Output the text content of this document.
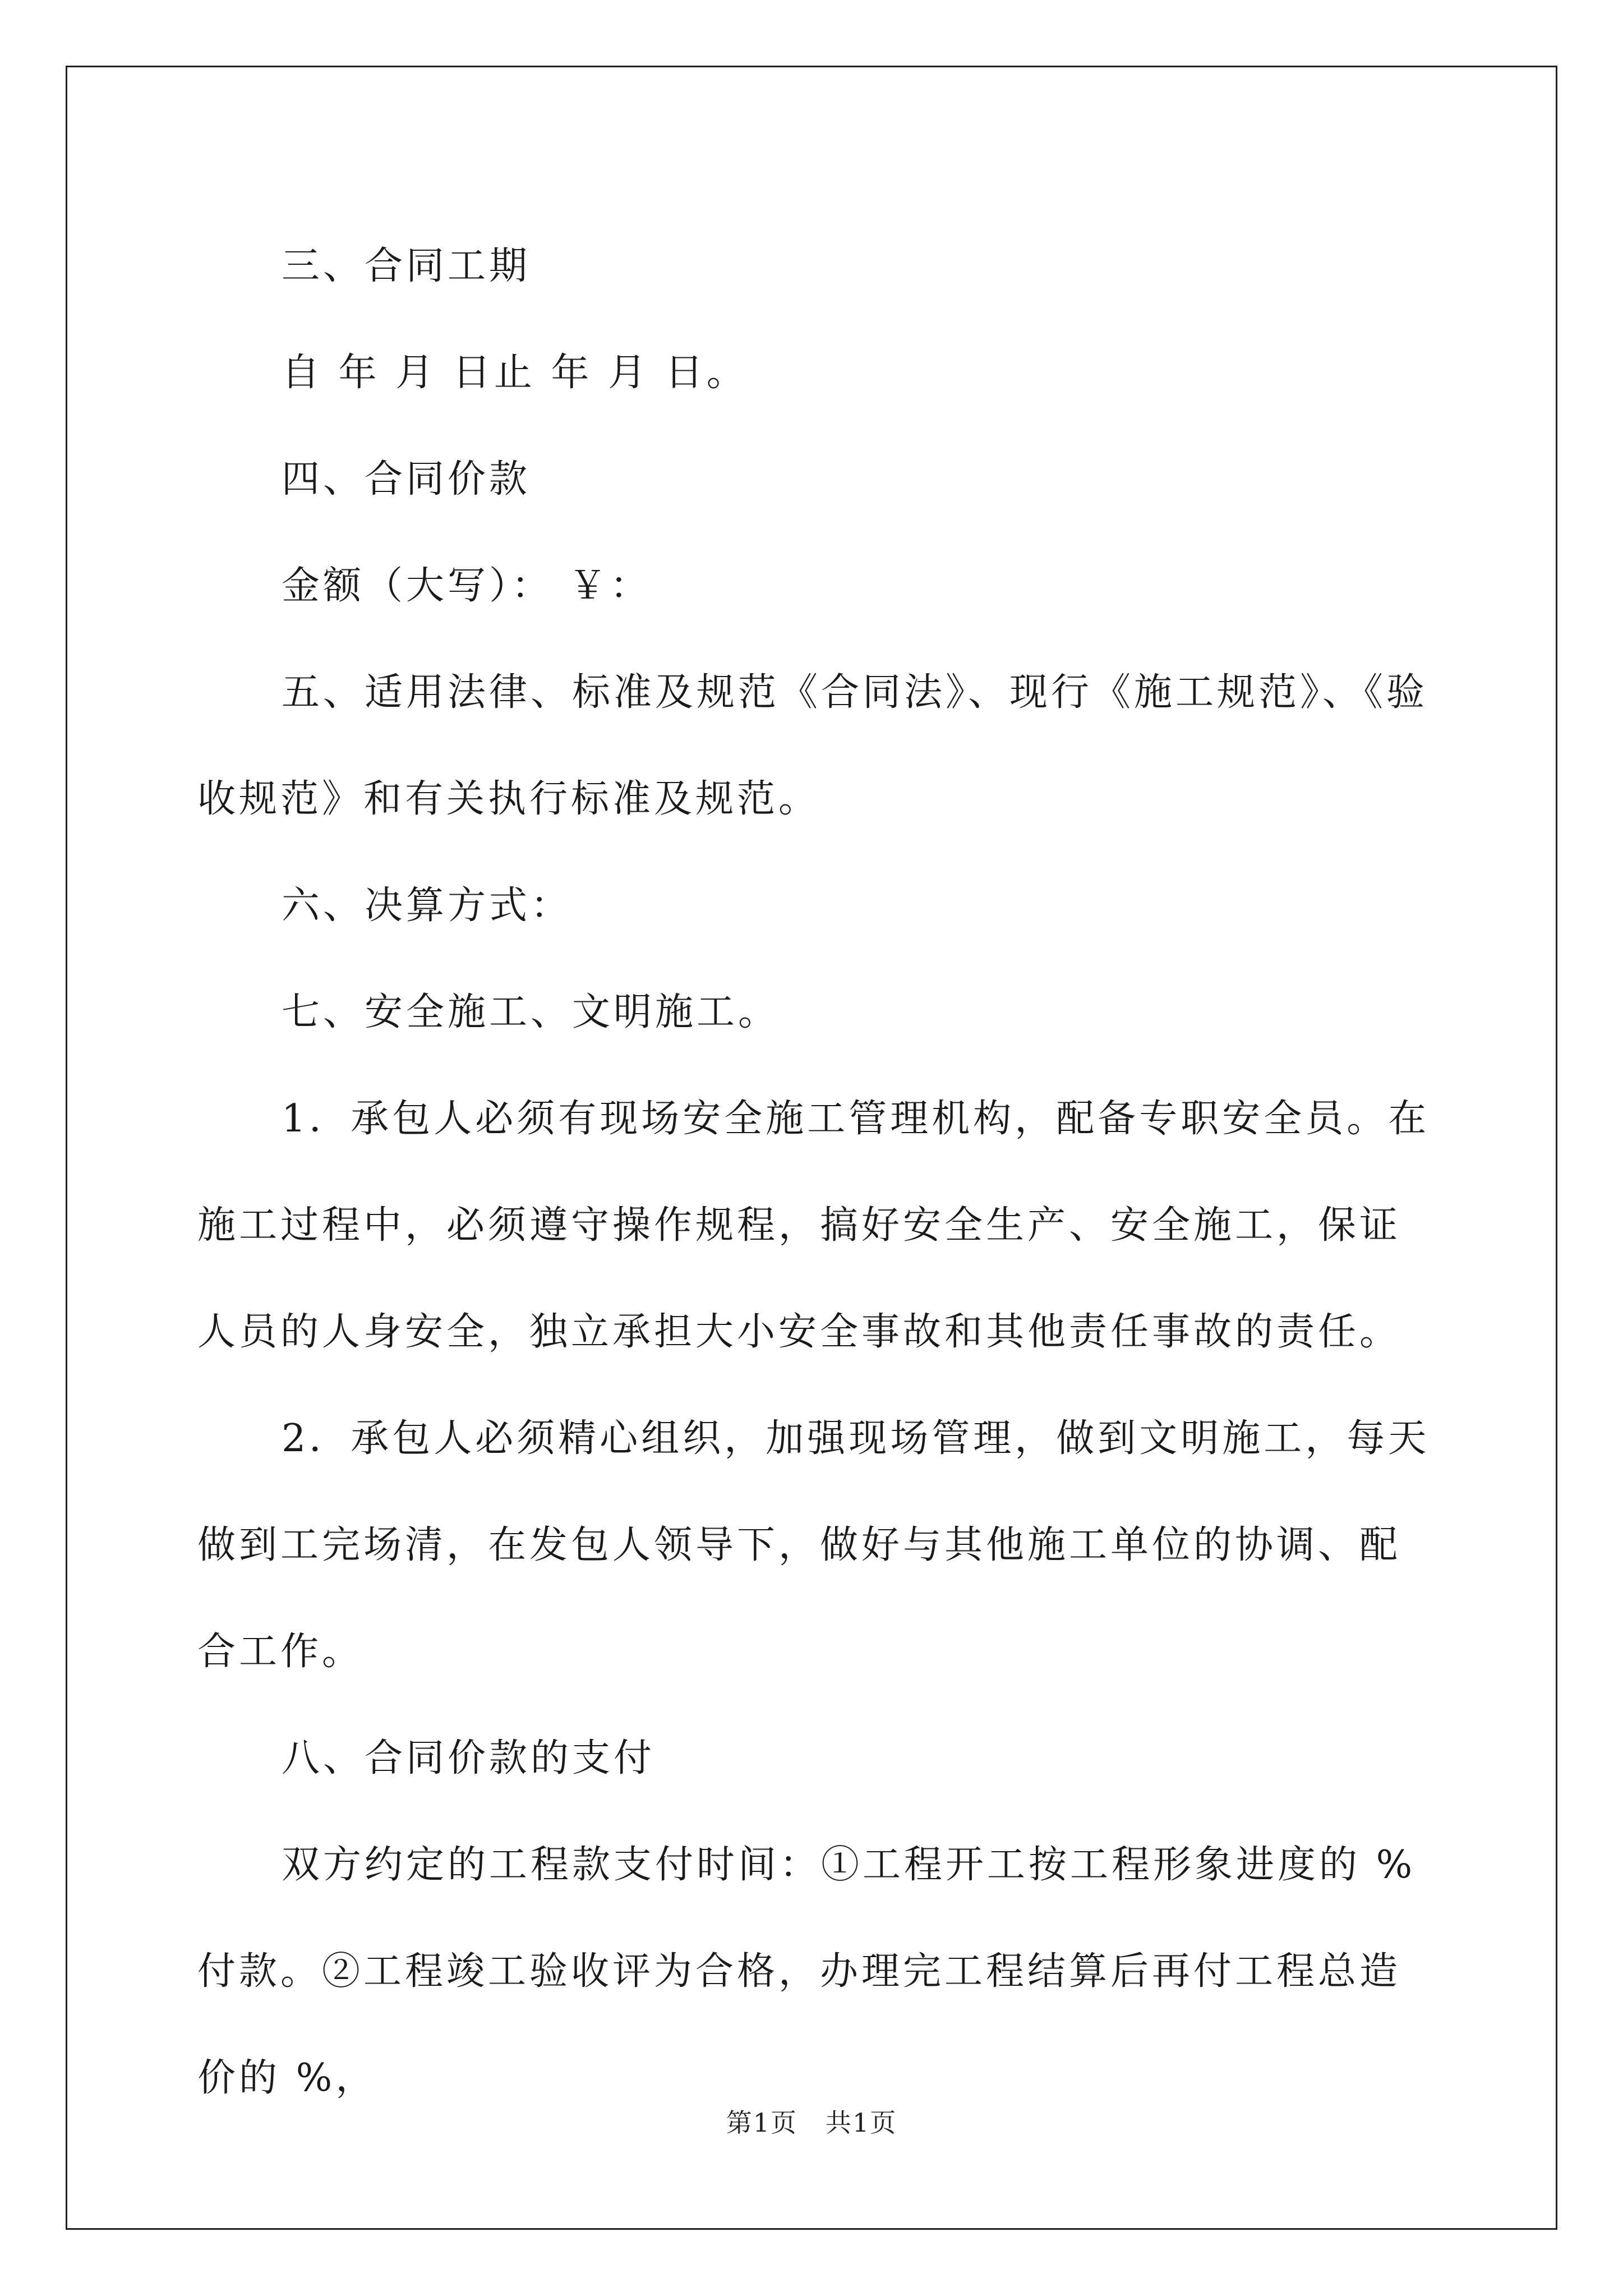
三、合同工期

自 年 月 日止 年 月 日。

四、合同价款

金额（大写）： ￥：

五、适用法律、标准及规范《合同法》、现行《施工规范》、《验收规范》和有关执行标准及规范。

六、决算方式：

七、安全施工、文明施工。

1．承包人必须有现场安全施工管理机构，配备专职安全员。在施工过程中，必须遵守操作规程，搞好安全生产、安全施工，保证人员的人身安全，独立承担大小安全事故和其他责任事故的责任。

2．承包人必须精心组织，加强现场管理，做到文明施工，每天做到工完场清，在发包人领导下，做好与其他施工单位的协调、配合工作。

八、合同价款的支付

双方约定的工程款支付时间：①工程开工按工程形象进度的 %付款。②工程竣工验收评为合格，办理完工程结算后再付工程总造价的 %，

第1页 共1页
